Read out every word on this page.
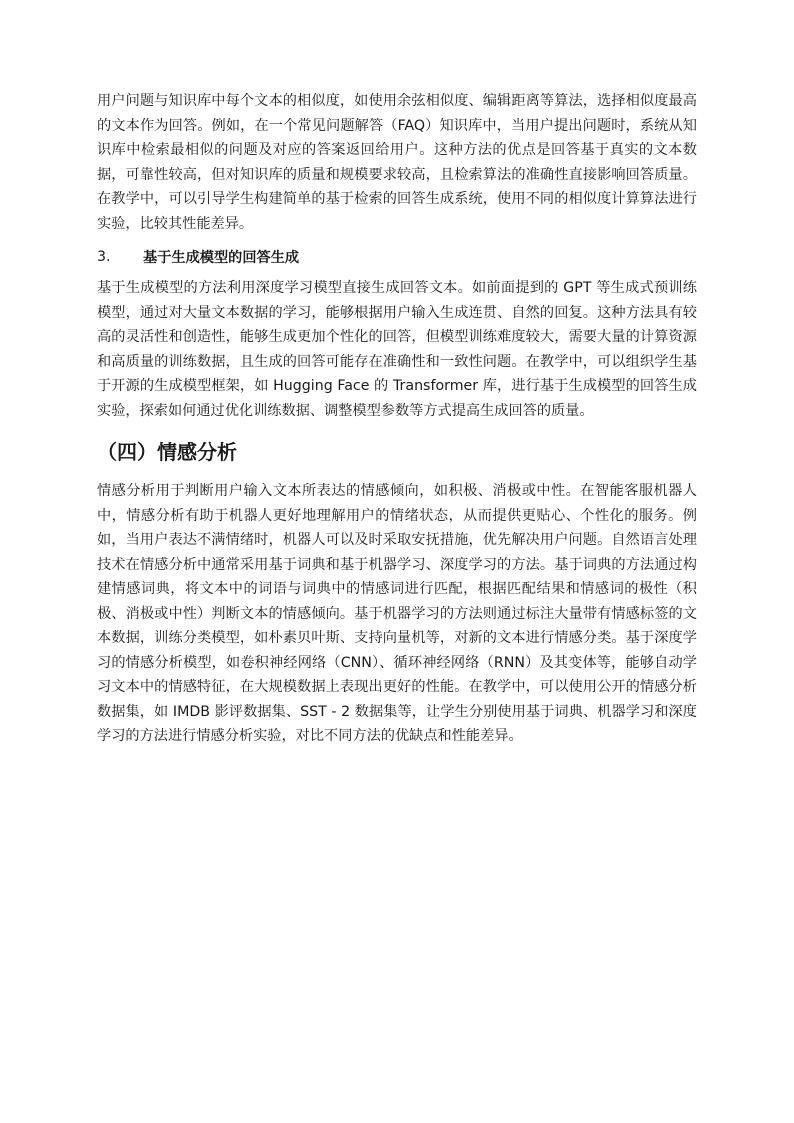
用户问题与知识库中每个文本的相似度，如使用余弦相似度、编辑距离等算法，选择相似度最高的文本作为回答。例如，在一个常见问题解答（FAQ）知识库中，当用户提出问题时，系统从知识库中检索最相似的问题及对应的答案返回给用户。这种方法的优点是回答基于真实的文本数据，可靠性较高，但对知识库的质量和规模要求较高，且检索算法的准确性直接影响回答质量。在教学中，可以引导学生构建简单的基于检索的回答生成系统，使用不同的相似度计算算法进行实验，比较其性能差异。

3.	基于生成模型的回答生成

基于生成模型的方法利用深度学习模型直接生成回答文本。如前面提到的 GPT 等生成式预训练模型，通过对大量文本数据的学习，能够根据用户输入生成连贯、自然的回复。这种方法具有较高的灵活性和创造性，能够生成更加个性化的回答，但模型训练难度较大，需要大量的计算资源和高质量的训练数据，且生成的回答可能存在准确性和一致性问题。在教学中，可以组织学生基于开源的生成模型框架，如 Hugging Face 的 Transformer 库，进行基于生成模型的回答生成实验，探索如何通过优化训练数据、调整模型参数等方式提高生成回答的质量。

（四）情感分析

情感分析用于判断用户输入文本所表达的情感倾向，如积极、消极或中性。在智能客服机器人中，情感分析有助于机器人更好地理解用户的情绪状态，从而提供更贴心、个性化的服务。例如，当用户表达不满情绪时，机器人可以及时采取安抚措施，优先解决用户问题。自然语言处理技术在情感分析中通常采用基于词典和基于机器学习、深度学习的方法。基于词典的方法通过构建情感词典，将文本中的词语与词典中的情感词进行匹配，根据匹配结果和情感词的极性（积极、消极或中性）判断文本的情感倾向。基于机器学习的方法则通过标注大量带有情感标签的文本数据，训练分类模型，如朴素贝叶斯、支持向量机等，对新的文本进行情感分类。基于深度学习的情感分析模型，如卷积神经网络（CNN）、循环神经网络（RNN）及其变体等，能够自动学习文本中的情感特征，在大规模数据上表现出更好的性能。在教学中，可以使用公开的情感分析数据集，如 IMDB 影评数据集、SST - 2 数据集等，让学生分别使用基于词典、机器学习和深度学习的方法进行情感分析实验，对比不同方法的优缺点和性能差异。
